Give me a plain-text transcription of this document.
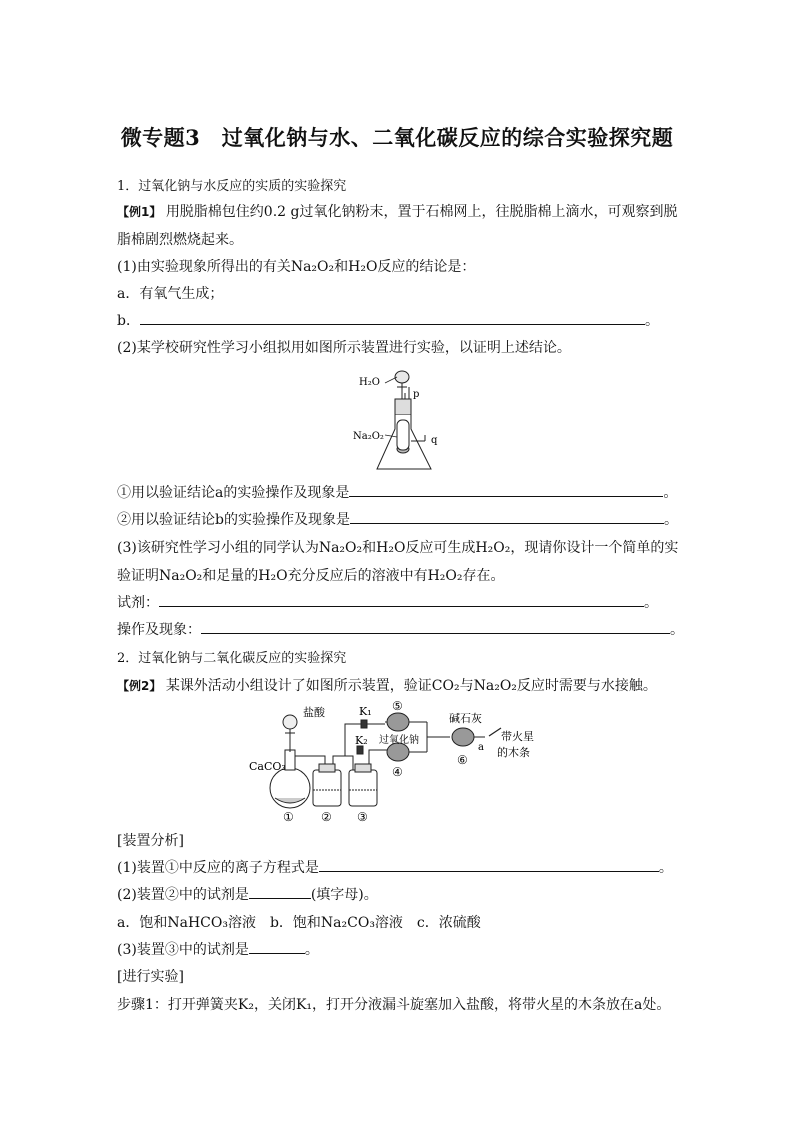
微专题3　过氧化钠与水、二氧化碳反应的综合实验探究题
1．过氧化钠与水反应的实质的实验探究
【例1】 用脱脂棉包住约0.2 g过氧化钠粉末，置于石棉网上，往脱脂棉上滴水，可观察到脱
脂棉剧烈燃烧起来。
(1)由实验现象所得出的有关Na₂O₂和H₂O反应的结论是：
a．有氧气生成；
b．	。
(2)某学校研究性学习小组拟用如图所示装置进行实验，以证明上述结论。
H₂O
p
Na₂O₂	q
①用以验证结论a的实验操作及现象是	。
②用以验证结论b的实验操作及现象是	。
(3)该研究性学习小组的同学认为Na₂O₂和H₂O反应可生成H₂O₂，现请你设计一个简单的实
验证明Na₂O₂和足量的H₂O充分反应后的溶液中有H₂O₂存在。
试剂：	。
操作及现象：	。
2．过氧化钠与二氧化碳反应的实验探究
【例2】 某课外活动小组设计了如图所示装置，验证CO₂与Na₂O₂反应时需要与水接触。
盐酸
CaCO₃
K₁
K₂ 过氧化钠
碱石灰
a
带火星
的木条
① ② ③
④
⑤
⑥
[装置分析]
(1)装置①中反应的离子方程式是	。
(2)装置②中的试剂是	(填字母)。
a．饱和NaHCO₃溶液　b．饱和Na₂CO₃溶液　c．浓硫酸
(3)装置③中的试剂是	。
[进行实验]
步骤1：打开弹簧夹K₂，关闭K₁，打开分液漏斗旋塞加入盐酸，将带火星的木条放在a处。
